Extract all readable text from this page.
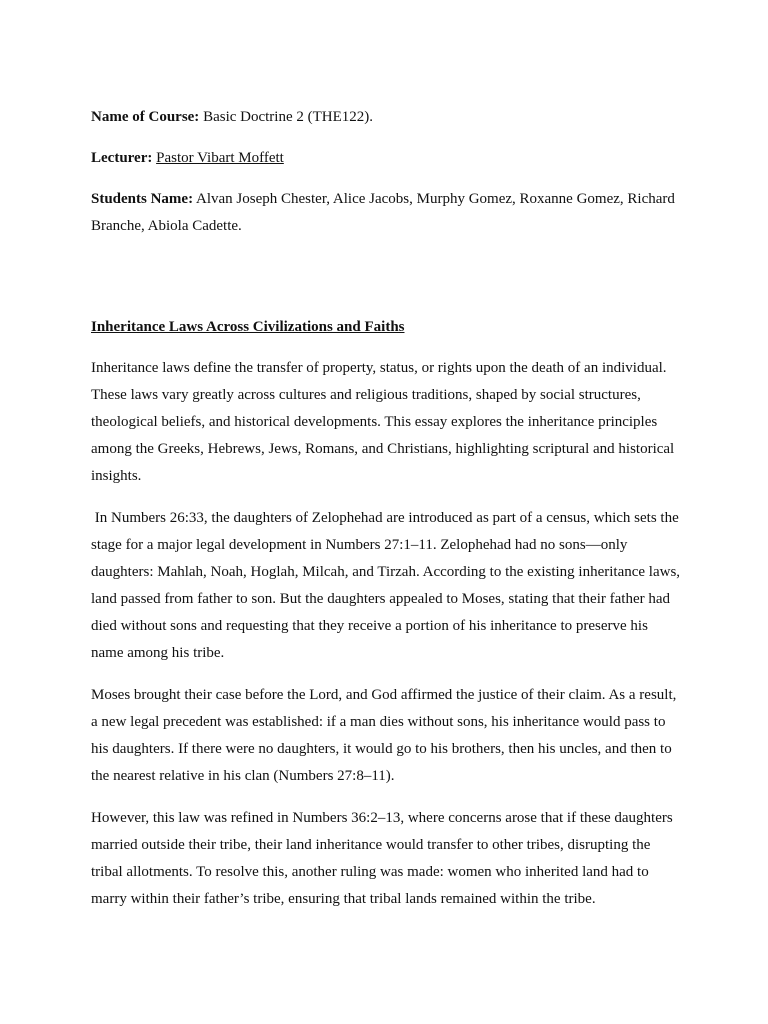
Name of Course: Basic Doctrine 2 (THE122).

Lecturer: Pastor Vibart Moffett

Students Name: Alvan Joseph Chester, Alice Jacobs, Murphy Gomez, Roxanne Gomez, Richard Branche, Abiola Cadette.

Inheritance Laws Across Civilizations and Faiths

Inheritance laws define the transfer of property, status, or rights upon the death of an individual. These laws vary greatly across cultures and religious traditions, shaped by social structures, theological beliefs, and historical developments. This essay explores the inheritance principles among the Greeks, Hebrews, Jews, Romans, and Christians, highlighting scriptural and historical insights.

In Numbers 26:33, the daughters of Zelophehad are introduced as part of a census, which sets the stage for a major legal development in Numbers 27:1–11. Zelophehad had no sons—only daughters: Mahlah, Noah, Hoglah, Milcah, and Tirzah. According to the existing inheritance laws, land passed from father to son. But the daughters appealed to Moses, stating that their father had died without sons and requesting that they receive a portion of his inheritance to preserve his name among his tribe.

Moses brought their case before the Lord, and God affirmed the justice of their claim. As a result, a new legal precedent was established: if a man dies without sons, his inheritance would pass to his daughters. If there were no daughters, it would go to his brothers, then his uncles, and then to the nearest relative in his clan (Numbers 27:8–11).

However, this law was refined in Numbers 36:2–13, where concerns arose that if these daughters married outside their tribe, their land inheritance would transfer to other tribes, disrupting the tribal allotments. To resolve this, another ruling was made: women who inherited land had to marry within their father’s tribe, ensuring that tribal lands remained within the tribe.
